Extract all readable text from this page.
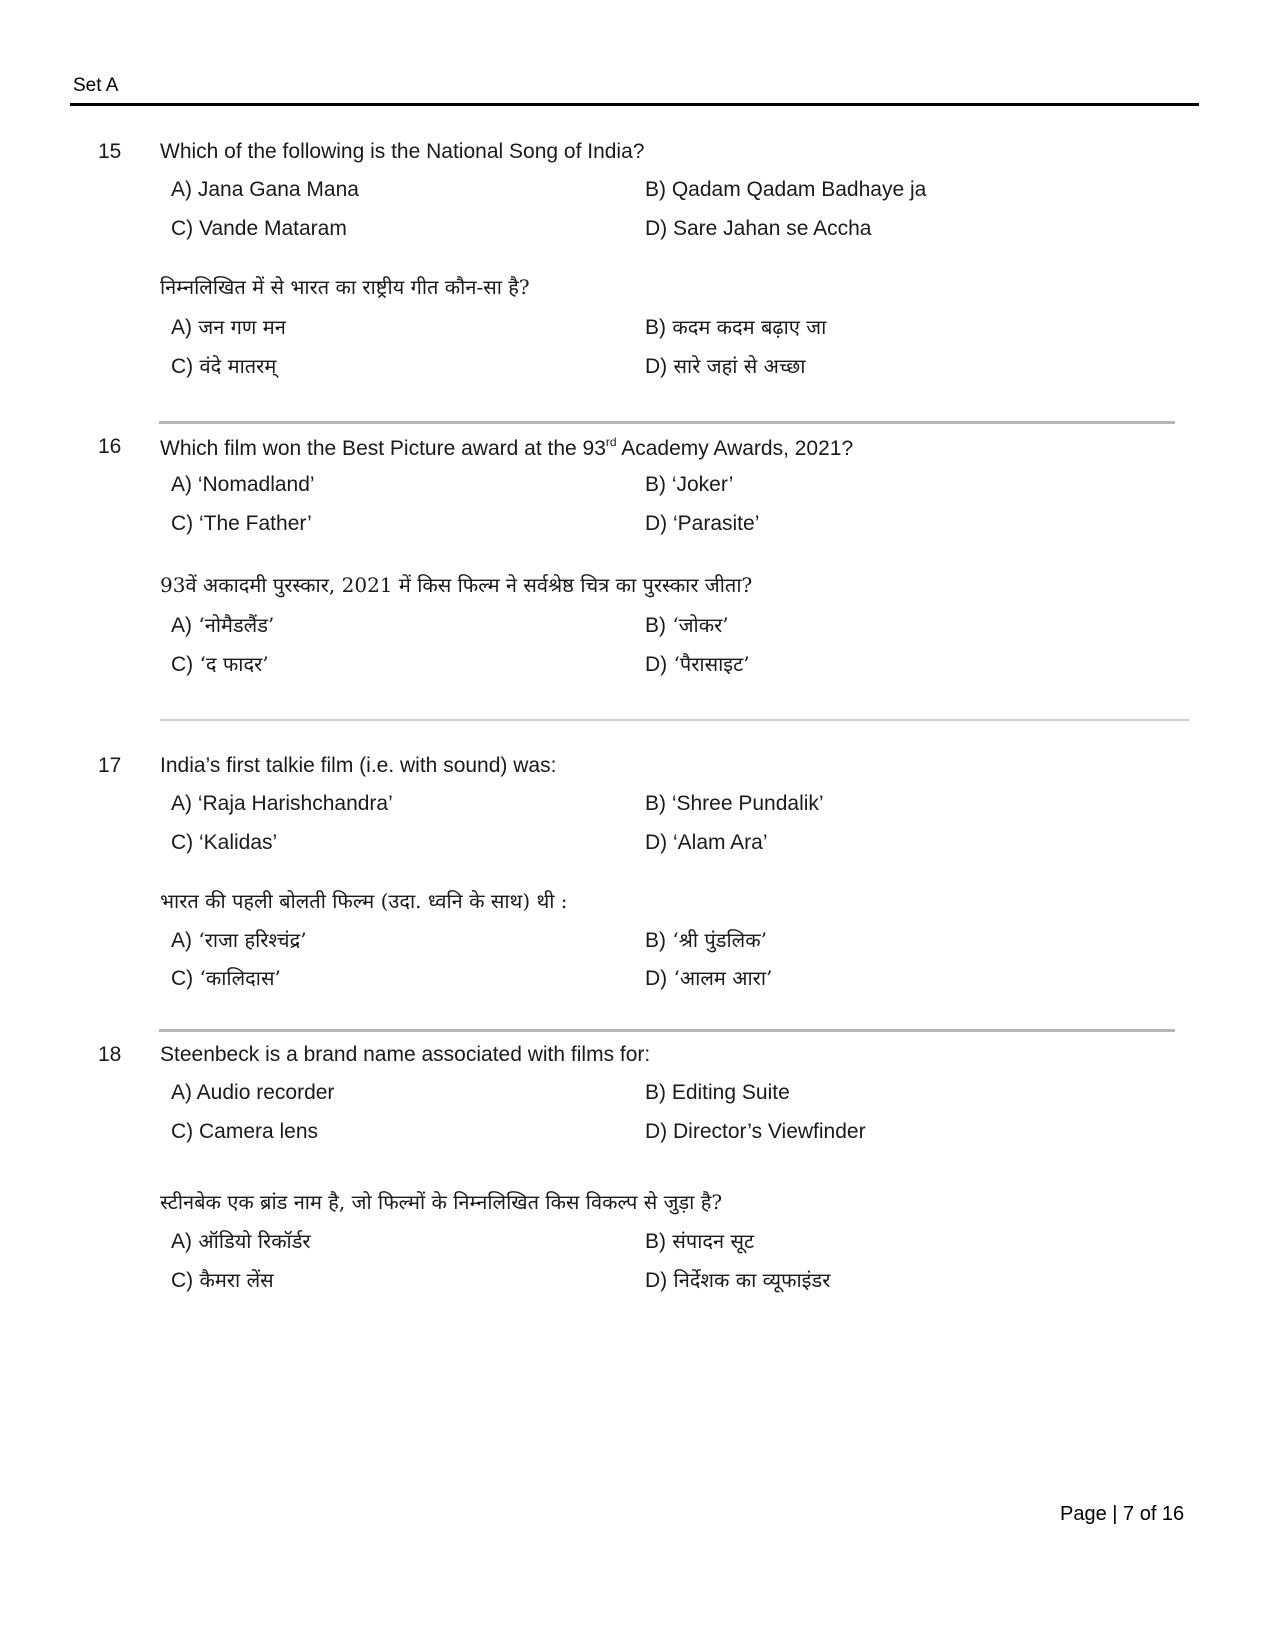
Set A
15 Which of the following is the National Song of India?
A) Jana Gana Mana	B) Qadam Qadam Badhaye ja
C) Vande Mataram	D) Sare Jahan se Accha
निम्नलिखित में से भारत का राष्ट्रीय गीत कौन-सा है?
A) जन गण मन	B) कदम कदम बढ़ाए जा
C) वंदे मातरम्	D) सारे जहां से अच्छा
16 Which film won the Best Picture award at the 93rd Academy Awards, 2021?
A) ‘Nomadland’	B) ‘Joker’
C) ‘The Father’	D) ‘Parasite’
93वें अकादमी पुरस्कार, 2021 में किस फिल्म ने सर्वश्रेष्ठ चित्र का पुरस्कार जीता?
A) ‘नोमैडलैंड’	B) ‘जोकर’
C) ‘द फादर’	D) ‘पैरासाइट’
17 India’s first talkie film (i.e. with sound) was:
A) ‘Raja Harishchandra’	B) ‘Shree Pundalik’
C) ‘Kalidas’	D) ‘Alam Ara’
भारत की पहली बोलती फिल्म (उदा. ध्वनि के साथ) थी :
A) ‘राजा हरिश्चंद्र’	B) ‘श्री पुंडलिक’
C) ‘कालिदास’	D) ‘आलम आरा’
18 Steenbeck is a brand name associated with films for:
A) Audio recorder	B) Editing Suite
C) Camera lens	D) Director’s Viewfinder
स्टीनबेक एक ब्रांड नाम है, जो फिल्मों के निम्नलिखित किस विकल्प से जुड़ा है?
A) ऑडियो रिकॉर्डर	B) संपादन सूट
C) कैमरा लेंस	D) निर्देशक का व्यूफाइंडर
Page | 7 of 16
